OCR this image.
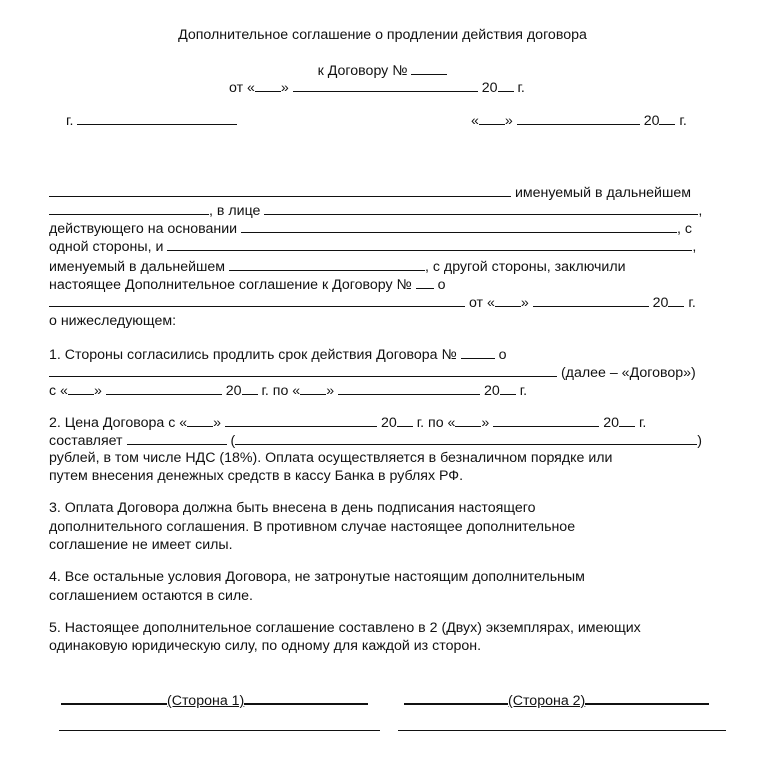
Дополнительное соглашение о продлении действия договора
к Договору №
от « »	20 г.
г.	« »	20 г.
именуемый в дальнейшем
, в лице	,
действующего на основании	, с
одной стороны, и	,
именуемый в дальнейшем	, с другой стороны, заключили
настоящее Дополнительное соглашение к Договору № о
от « »	20 г.
о нижеследующем:
1. Стороны согласились продлить срок действия Договора №	о
(далее – «Договор»)
с « »	20 г. по « »	20 г.
2. Цена Договора с « »	20 г. по « »	20 г.
составляет	(	)
рублей, в том числе НДС (18%). Оплата осуществляется в безналичном порядке или
путем внесения денежных средств в кассу Банка в рублях РФ.
3. Оплата Договора должна быть внесена в день подписания настоящего
дополнительного соглашения. В противном случае настоящее дополнительное
соглашение не имеет силы.
4. Все остальные условия Договора, не затронутые настоящим дополнительным
соглашением остаются в силе.
5. Настоящее дополнительное соглашение составлено в 2 (Двух) экземплярах, имеющих
одинаковую юридическую силу, по одному для каждой из сторон.
(Сторона 1)	(Сторона 2)
